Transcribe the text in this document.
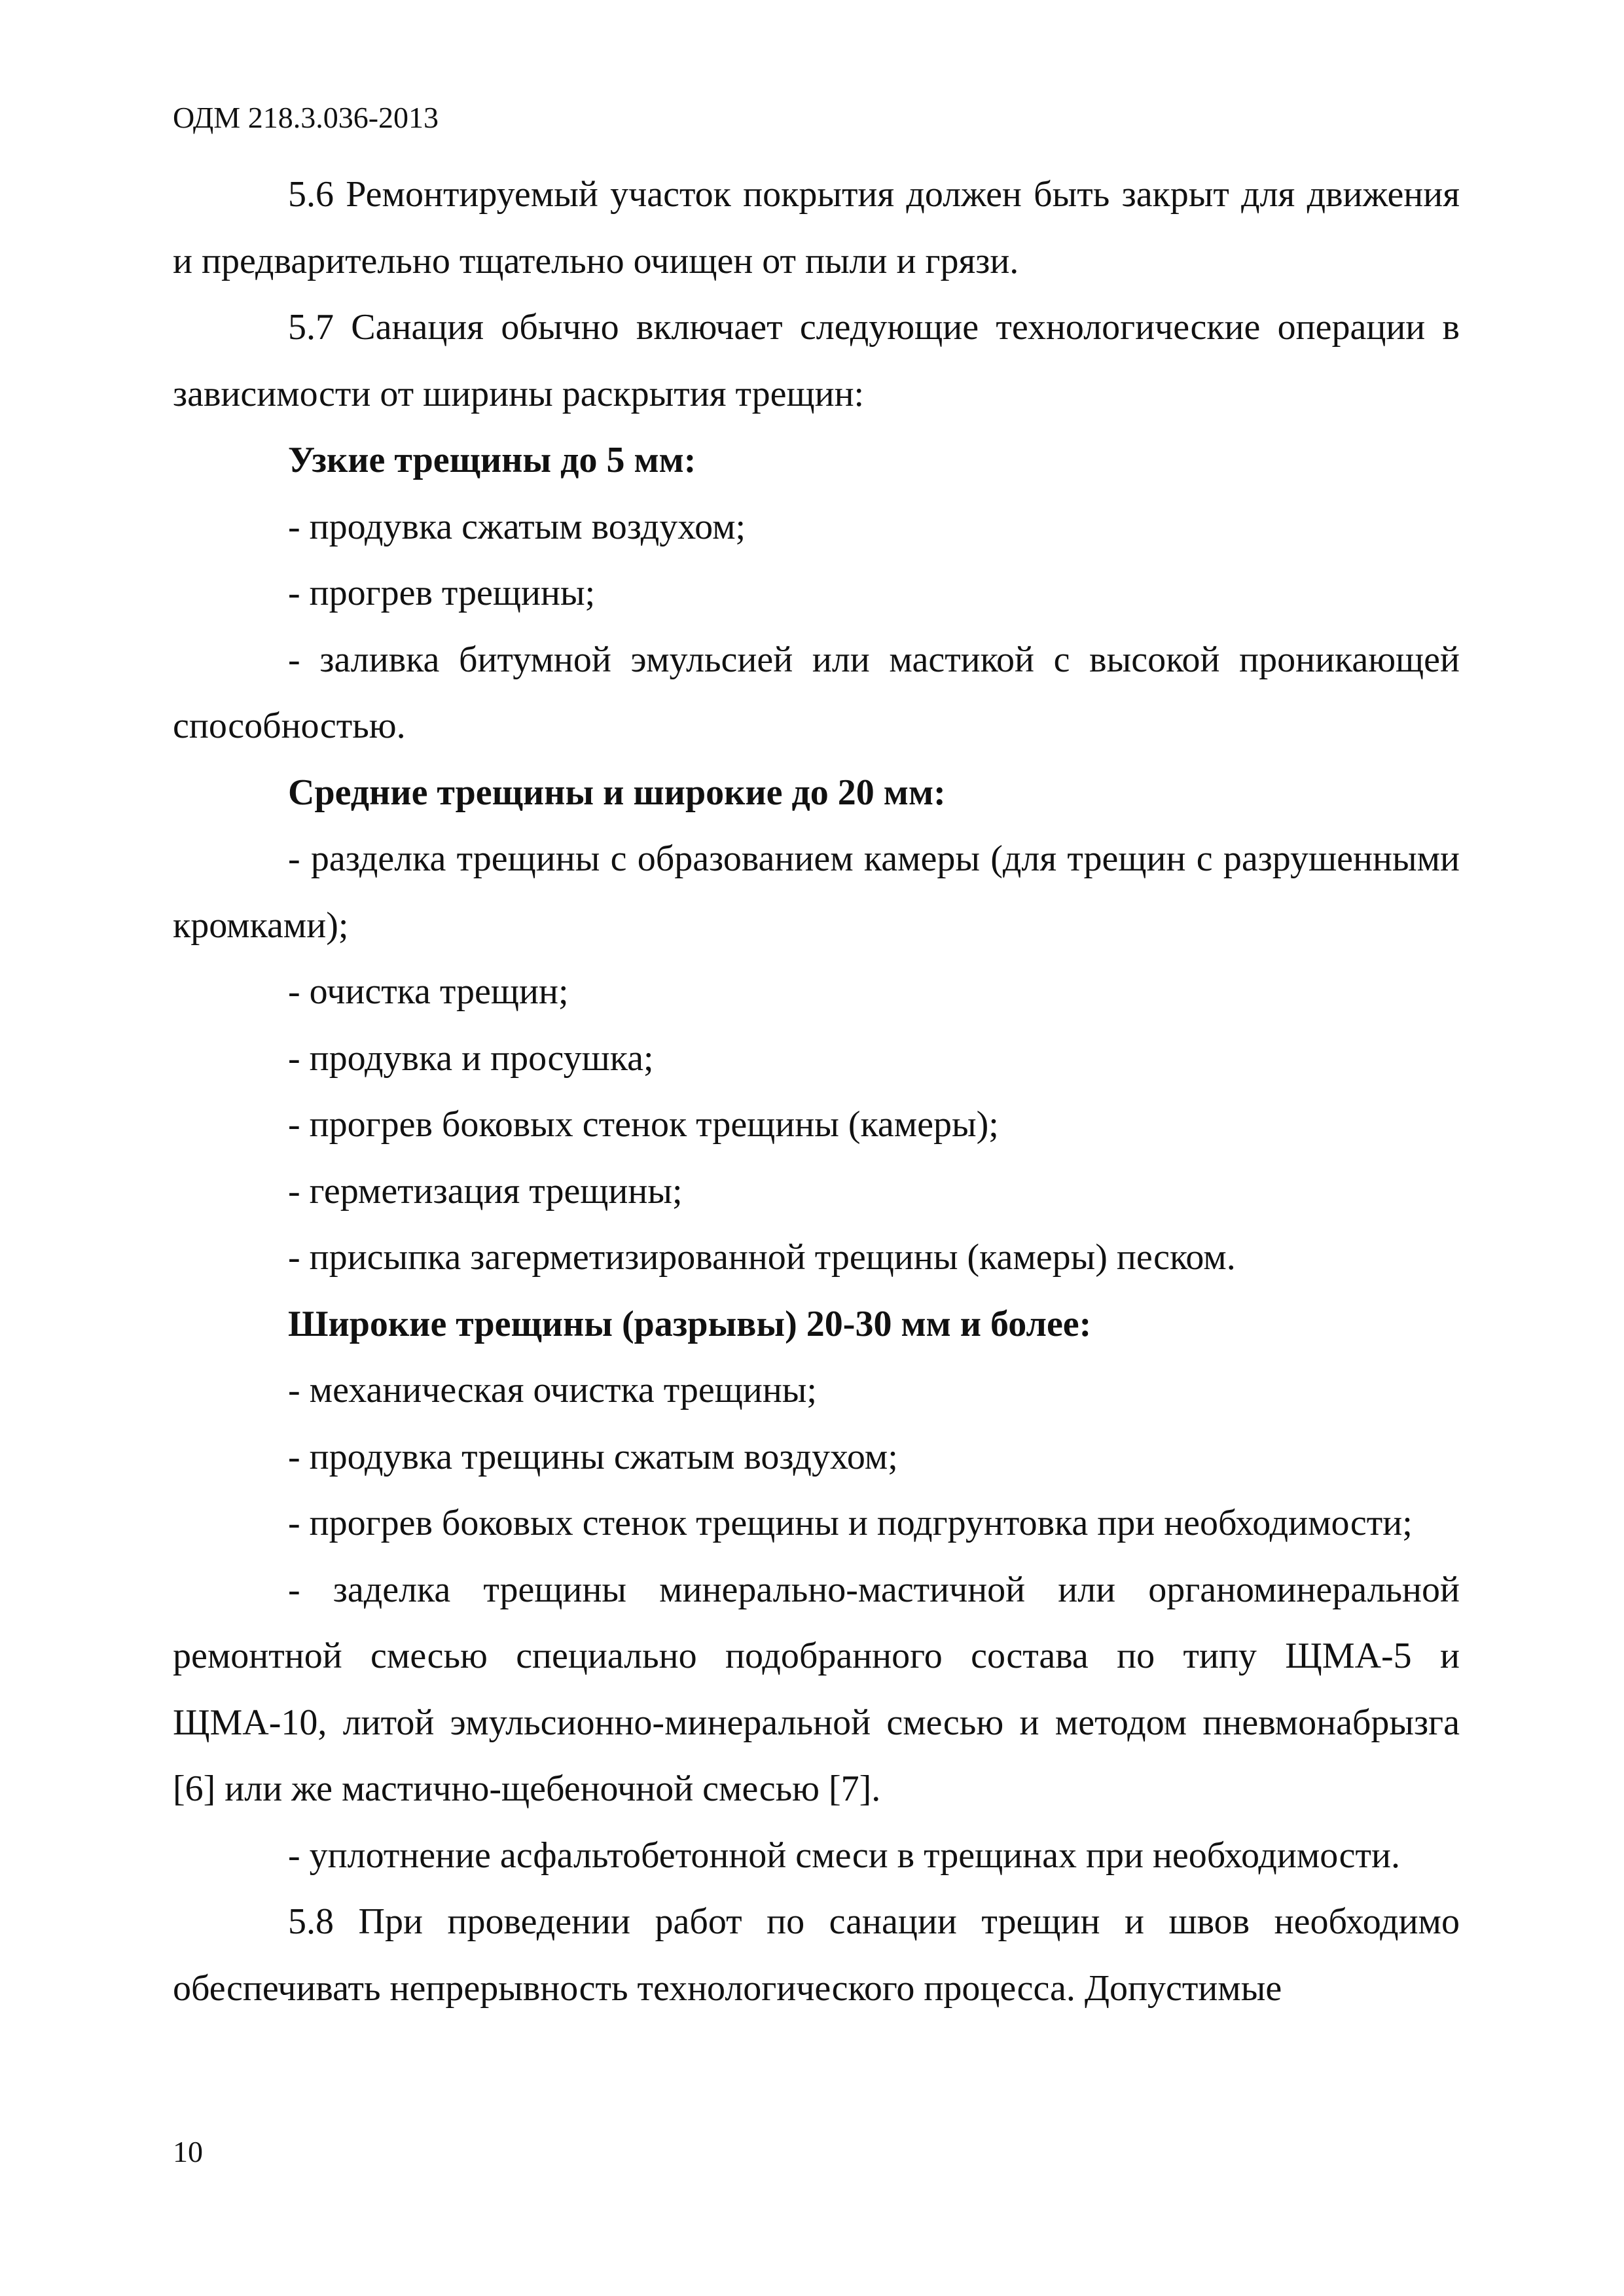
ОДМ 218.3.036-2013

5.6 Ремонтируемый участок покрытия должен быть закрыт для движения и предварительно тщательно очищен от пыли и грязи.

5.7 Санация обычно включает следующие технологические операции в зависимости от ширины раскрытия трещин:

Узкие трещины до 5 мм:

- продувка сжатым воздухом;

- прогрев трещины;

- заливка битумной эмульсией или мастикой с высокой проникающей способностью.

Средние трещины и широкие до 20 мм:

- разделка трещины с образованием камеры (для трещин с разрушенными кромками);

- очистка трещин;

- продувка и просушка;

- прогрев боковых стенок трещины (камеры);

- герметизация трещины;

- присыпка загерметизированной трещины (камеры) песком.

Широкие трещины (разрывы) 20-30 мм и более:

- механическая очистка трещины;

- продувка трещины сжатым воздухом;

- прогрев боковых стенок трещины и подгрунтовка при необходимости;

- заделка трещины минерально-мастичной или органоминеральной ремонтной смесью специально подобранного состава по типу ЩМА-5 и ЩМА-10, литой эмульсионно-минеральной смесью и методом пневмонабрызга [6] или же мастично-щебеночной смесью [7].

- уплотнение асфальтобетонной смеси в трещинах при необходимости.

5.8 При проведении работ по санации трещин и швов необходимо обеспечивать непрерывность технологического процесса. Допустимые

10
